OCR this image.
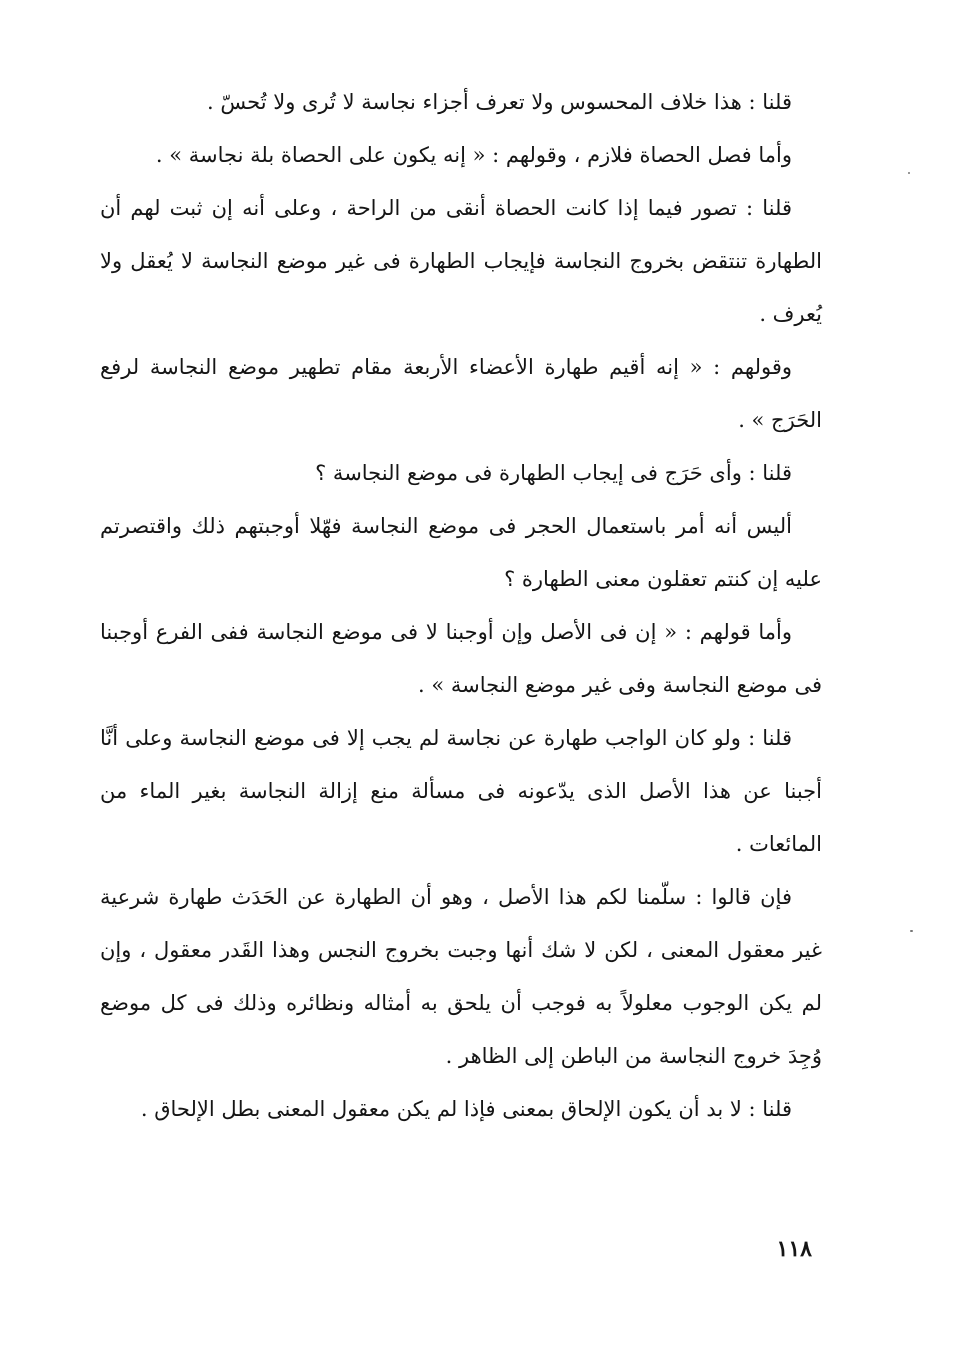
قلنا : هذا خلاف المحسوس ولا تعرف أجزاء نجاسة لا تُرى ولا تُحسّ .

وأما فصل الحصاة فلازم ، وقولهم : « إنه يكون على الحصاة بلة نجاسة » .

قلنا : تصور فيما إذا كانت الحصاة أنقى من الراحة ، وعلى أنه إن ثبت لهم أن الطهارة تنتقض بخروج النجاسة فإيجاب الطهارة فى غير موضع النجاسة لا يُعقل ولا يُعرف .

وقولهم : « إنه أقيم طهارة الأعضاء الأربعة مقام تطهير موضع النجاسة لرفع الحَرَج » .

قلنا : وأى حَرَج فى إيجاب الطهارة فى موضع النجاسة ؟

أليس أنه أمر باستعمال الحجر فى موضع النجاسة فهّلا أوجبتهم ذلك واقتصرتم عليه إن كنتم تعقلون معنى الطهارة ؟

وأما قولهم : « إن فى الأصل وإن أوجبنا لا فى موضع النجاسة ففى الفرع أوجبنا فى موضع النجاسة وفى غير موضع النجاسة » .

قلنا : ولو كان الواجب طهارة عن نجاسة لم يجب إلا فى موضع النجاسة وعلى أنَّا أجبنا عن هذا الأصل الذى يدّعونه فى مسألة منع إزالة النجاسة بغير الماء من المائعات .

فإن قالوا : سلّمنا لكم هذا الأصل ، وهو أن الطهارة عن الحَدَث طهارة شرعية غير معقول المعنى ، لكن لا شك أنها وجبت بخروج النجس وهذا القَدر معقول ، وإن لم يكن الوجوب معلولاً به فوجب أن يلحق به أمثاله ونظائره وذلك فى كل موضع وُجِدَ خروج النجاسة من الباطن إلى الظاهر .

قلنا : لا بد أن يكون الإلحاق بمعنى فإذا لم يكن معقول المعنى بطل الإلحاق .

١١٨
